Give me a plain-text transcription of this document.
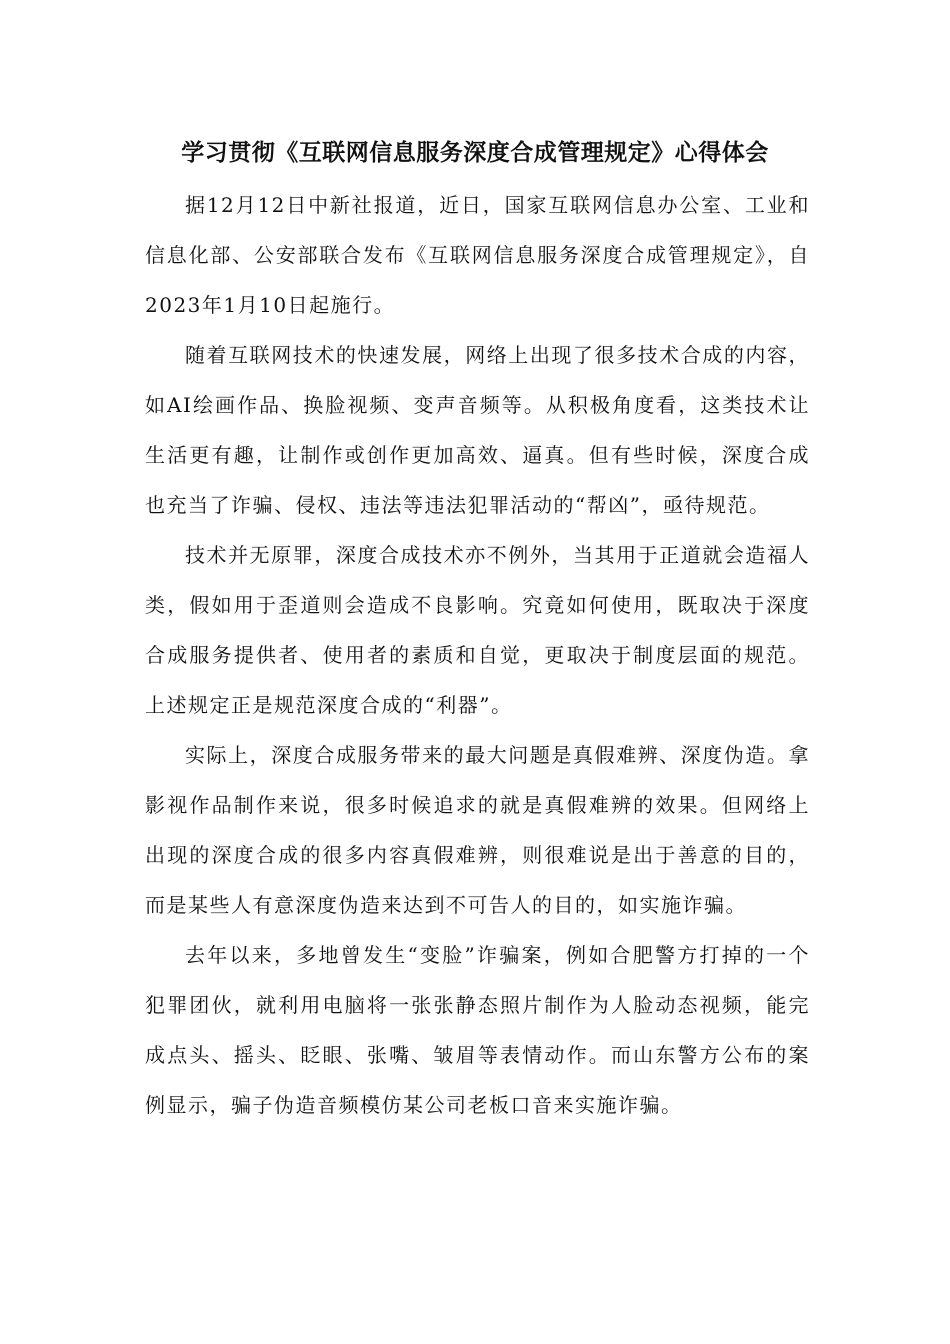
学习贯彻《互联网信息服务深度合成管理规定》心得体会

据12月12日中新社报道，近日，国家互联网信息办公室、工业和信息化部、公安部联合发布《互联网信息服务深度合成管理规定》，自2023年1月10日起施行。

随着互联网技术的快速发展，网络上出现了很多技术合成的内容，如AI绘画作品、换脸视频、变声音频等。从积极角度看，这类技术让生活更有趣，让制作或创作更加高效、逼真。但有些时候，深度合成也充当了诈骗、侵权、违法等违法犯罪活动的“帮凶”，亟待规范。

技术并无原罪，深度合成技术亦不例外，当其用于正道就会造福人类，假如用于歪道则会造成不良影响。究竟如何使用，既取决于深度合成服务提供者、使用者的素质和自觉，更取决于制度层面的规范。上述规定正是规范深度合成的“利器”。

实际上，深度合成服务带来的最大问题是真假难辨、深度伪造。拿影视作品制作来说，很多时候追求的就是真假难辨的效果。但网络上出现的深度合成的很多内容真假难辨，则很难说是出于善意的目的，而是某些人有意深度伪造来达到不可告人的目的，如实施诈骗。

去年以来，多地曾发生“变脸”诈骗案，例如合肥警方打掉的一个犯罪团伙，就利用电脑将一张张静态照片制作为人脸动态视频，能完成点头、摇头、眨眼、张嘴、皱眉等表情动作。而山东警方公布的案例显示，骗子伪造音频模仿某公司老板口音来实施诈骗。
